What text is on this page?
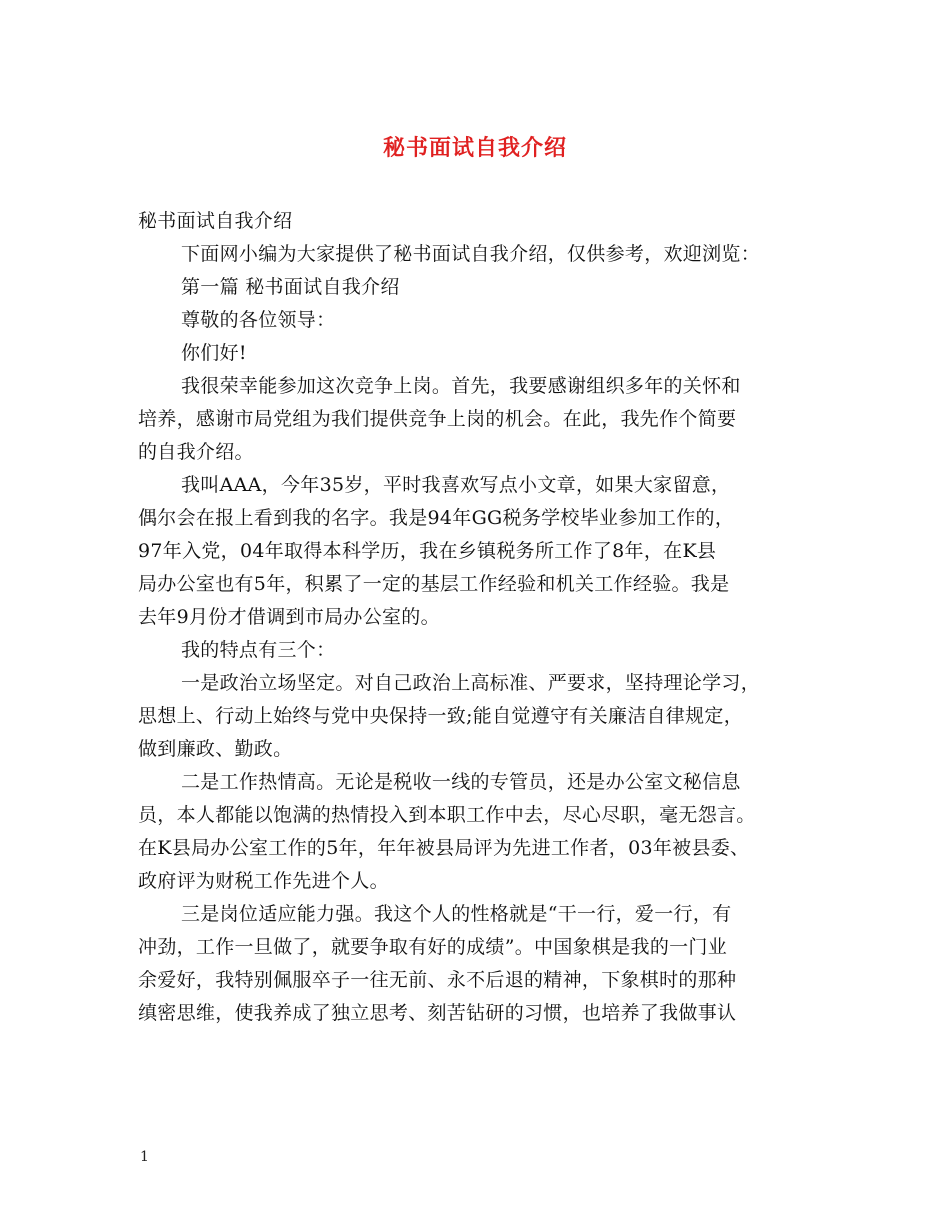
秘书面试自我介绍
秘书面试自我介绍
下面网小编为大家提供了秘书面试自我介绍，仅供参考，欢迎浏览：
第一篇 秘书面试自我介绍
尊敬的各位领导：
你们好!
我很荣幸能参加这次竞争上岗。首先，我要感谢组织多年的关怀和
培养，感谢市局党组为我们提供竞争上岗的机会。在此，我先作个简要
的自我介绍。
我叫AAA，今年35岁，平时我喜欢写点小文章，如果大家留意，
偶尔会在报上看到我的名字。我是94年GG税务学校毕业参加工作的，
97年入党，04年取得本科学历，我在乡镇税务所工作了8年，在K县
局办公室也有5年，积累了一定的基层工作经验和机关工作经验。我是
去年9月份才借调到市局办公室的。
我的特点有三个：
一是政治立场坚定。对自己政治上高标准、严要求，坚持理论学习，
思想上、行动上始终与党中央保持一致;能自觉遵守有关廉洁自律规定，
做到廉政、勤政。
二是工作热情高。无论是税收一线的专管员，还是办公室文秘信息
员，本人都能以饱满的热情投入到本职工作中去，尽心尽职，毫无怨言。
在K县局办公室工作的5年，年年被县局评为先进工作者，03年被县委、
政府评为财税工作先进个人。
三是岗位适应能力强。我这个人的性格就是“干一行，爱一行，有
冲劲，工作一旦做了，就要争取有好的成绩”。中国象棋是我的一门业
余爱好，我特别佩服卒子一往无前、永不后退的精神，下象棋时的那种
缜密思维，使我养成了独立思考、刻苦钻研的习惯，也培养了我做事认
1
